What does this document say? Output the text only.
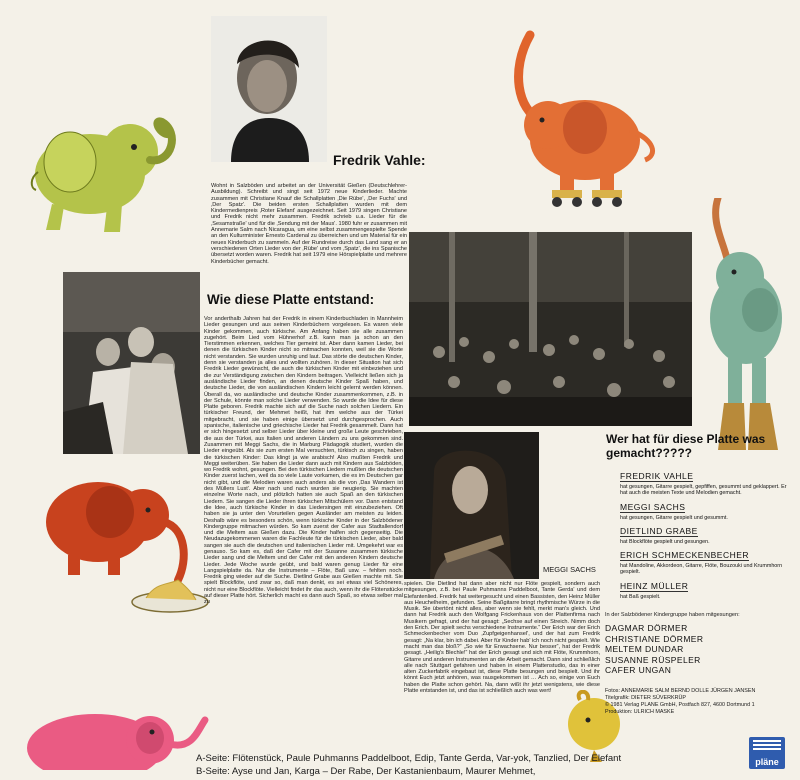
Fredrik Vahle:
Wohnt in Salzböden und arbeitet an der Universität Gießen (Deutschlehrer-Ausbildung). Schreibt und singt seit 1972 neue Kinderlieder. Machte zusammen mit Christiane Knauf die Schallplatten ‚Die Rübe', ‚Der Fuchs' und ‚Der Spatz'. Die beiden ersten Schallplatten wurden mit dem Kindermedienpreis ‚Roter Elefant' ausgezeichnet. Seit 1979 singen Christiane und Fredrik nicht mehr zusammen. Fredrik schrieb u.a. Lieder für die ‚Sesamstraße' und für die ‚Sendung mit der Maus'. 1980 fuhr er zusammen mit Annemarie Salm nach Nicaragua, um eine selbst zusammengespielte Spende an den Kulturminister Ernesto Cardenal zu überreichen und um Material für ein neues Kinderbuch zu sammeln. Auf der Rundreise durch das Land sang er an verschiedenen Orten Lieder von der ‚Rübe' und vom ‚Spatz', die ins Spanische übersetzt worden waren. Fredrik hat seit 1979 eine Hörspielplatte und mehrere Kinderbücher gemacht.
Wie diese Platte entstand:
Vor anderthalb Jahren hat der Fredrik in einem Kinderbuchladen in Mannheim Lieder gesungen und aus seinen Kinderbüchern vorgelesen. Es waren viele Kinder gekommen, auch türkische. Am Anfang haben sie alle zusammen zugehört. Beim Lied vom Hühnerhof z.B. kann man ja schon an den Tierstimmen erkennen, welches Tier gemeint ist. Aber dann kamen Lieder, bei denen die türkischen Kinder nicht so mitmachen konnten, weil sie die Worte nicht verstanden. Sie wurden unruhig und laut. Das störte die deutschen Kinder, denn sie verstanden ja alles und wollten zuhören. In dieser Situation hat sich Fredrik Lieder gewünscht, die auch die türkischen Kinder mit einbeziehen und die zur Verständigung zwischen den Kindern beitragen. Vielleicht ließen sich ja ausländische Lieder finden, an denen deutsche Kinder Spaß haben, und deutsche Lieder, die von ausländischen Kindern leicht gelernt werden können. Überall da, wo ausländische und deutsche Kinder zusammenkommen, z.B. in der Schule, könnte man solche Lieder verwenden. So wurde die Idee für diese Platte geboren. Fredrik machte sich auf die Suche nach solchen Liedern. Ein türkischer Freund, der Mehmet heißt, hat ihm welche aus der Türkei mitgebracht, und sie haben einige übersetzt und durchgesprochen. Auch spanische, italienische und griechische Lieder hat Fredrik gesammelt. Dann hat er sich hingesetzt und selber Lieder über kleine und große Leute geschrieben, die aus der Türkei, aus Italien und anderen Ländern zu uns gekommen sind. Zusammen mit Meggi Sachs, die in Marburg Pädagogik studiert, wurden die Lieder eingeübt. Als sie zum ersten Mal versuchten, türkisch zu singen, haben die türkischen Kinder: Das klingt ja wie arabisch! Also mußten Fredrik und Meggi weiterüben. Sie haben die Lieder dann auch mit Kindern aus Salzböden, wo Fredrik wohnt, gesungen. Bei den türkischen Liedern mußten die deutschen Kinder zuerst lachen, weil da so viele Laute vorkamen, die es im Deutschen gar nicht gibt, und die Melodien waren auch anders als die von ‚Das Wandern ist des Müllers Lust'. Aber nach und nach wurden sie neugierig. Sie machten einzelne Worte nach, und plötzlich hatten sie auch Spaß an den türkischen Liedern. Sie sangen die Lieder ihren türkischen Mitschülern vor. Dann entstand die Idee, auch türkische Kinder in das Liedersingen mit einzubeziehen. Oft haben sie ja unter den Vorurteilen gegen Ausländer am meisten zu leiden. Deshalb wäre es besonders schön, wenn türkische Kinder in der Salzbödener Kindergruppe mitmachen würden. So kam zuerst der Cafer aus Stadtallendorf und die Meltem aus Gießen dazu. Die Kinder halfen sich gegenseitig. Die Neudazugekommenen waren die Fachleute für die türkischen Lieder, aber bald sangen sie auch die deutschen und italienischen Lieder mit. Umgekehrt war es genauso. So kam es, daß der Cafer mit der Susanne zusammen türkische Lieder sang und die Meltem und der Cafer mit den anderen Kindern deutsche Lieder. Jede Woche wurde geübt, und bald waren genug Lieder für eine Langspielplatte da. Nur die Instrumente – Flöte, Baß usw. – fehlten noch. Fredrik ging wieder auf die Suche. Dietlind Grabe aus Gießen machte mit. Sie spielt Blockflöte, und zwar so, daß man denkt, es sei etwas viel Schöneres, nicht nur eine Blockflöte. Vielleicht findet ihr das auch, wenn ihr die Flötenstücke auf dieser Platte hört. Sicherlich macht es dann auch Spaß, so etwas selber mal zu
MEGGI SACHS
spielen. Die Dietlind hat dann aber nicht nur Flöte gespielt, sondern auch mitgesungen, z.B. bei Paule Puhmanns Paddelboot, Tante Gerda' und dem Elefantenlied. Fredrik hat weitergesucht und einen Bassisten, den Heinz Müller aus Heuchelheim, gefunden. Seine Baßgitarre bringt rhythmische Würze in die Musik. Sie übertönt nicht alles, aber wenn sie fehlt, merkt man's gleich. Und dann hat Fredrik auch den Wolfgang Frickenhaus von der Plattenfirma nach Musikern gefragt, und der hat gesagt: „Sechse auf einen Streich. Nimm doch den Erich. Der spielt sechs verschiedene Instrumente.“ Der Erich war der Erich Schmeckenbecher vom Duo ‚Zupfgeigenhansel', und der hat zum Fredrik gesagt: „Na klar, bin ich dabei. Aber für Kinder hab' ich noch nicht gespielt. Wie macht man das bloß?“ „So wie für Erwachsene. Nur besser“, hat der Fredrik gesagt. „Heilig's Blechle!“ hat der Erich gesagt und sich mit Flöte, Krummhorn, Gitarre und anderen Instrumenten an die Arbeit gemacht. Dann sind schließlich alle nach Stuttgart gefahren und haben in einem Plattenstudio, das in einer alten Zuckerfabrik eingebaut ist, diese Platte besungen und bespielt. Und ihr könnt Euch jetzt anhören, was rausgekommen ist … Ach so, einige von Euch haben die Platte schon gehört. Na, dann wißt ihr jetzt wenigstens, wie diese Platte entstanden ist, und das ist schließlich auch was wert!
Wer hat für diese Platte was gemacht?????
FREDRIK VAHLE
hat gesungen, Gitarre gespielt, gepfiffen, gesummt und geklappert. Er hat auch die meisten Texte und Melodien gemacht.
MEGGI SACHS
hat gesungen, Gitarre gespielt und gesummt.
DIETLIND GRABE
hat Blockflöte gespielt und gesungen.
ERICH SCHMECKENBECHER
hat Mandoline, Akkordeon, Gitarre, Flöte, Bouzouki und Krummhorn gespielt.
HEINZ MÜLLER
hat Baß gespielt.
In der Salzbödener Kindergruppe haben mitgesungen:
DAGMAR DÖRMER
CHRISTIANE DÖRMER
MELTEM DUNDAR
SUSANNE RÜSPELER
CAFER UNGAN
Fotos: ANNEMARIE SALM BERND DOLLE JÜRGEN JANSEN
Titelgrafik: DIETER SÜVERKRÜP
© 1981 Verlag PLANE GmbH, Postfach 827, 4600 Dortmund 1
Produktion: ULRICH MASKE
A-Seite: Flötenstück, Paule Puhmanns Paddelboot, Edip, Tante Gerda, Var-yok, Tanzlied, Der Elefant
B-Seite: Ayse und Jan, Karga – Der Rabe, Der Kastanienbaum, Maurer Mehmet,
pläne
